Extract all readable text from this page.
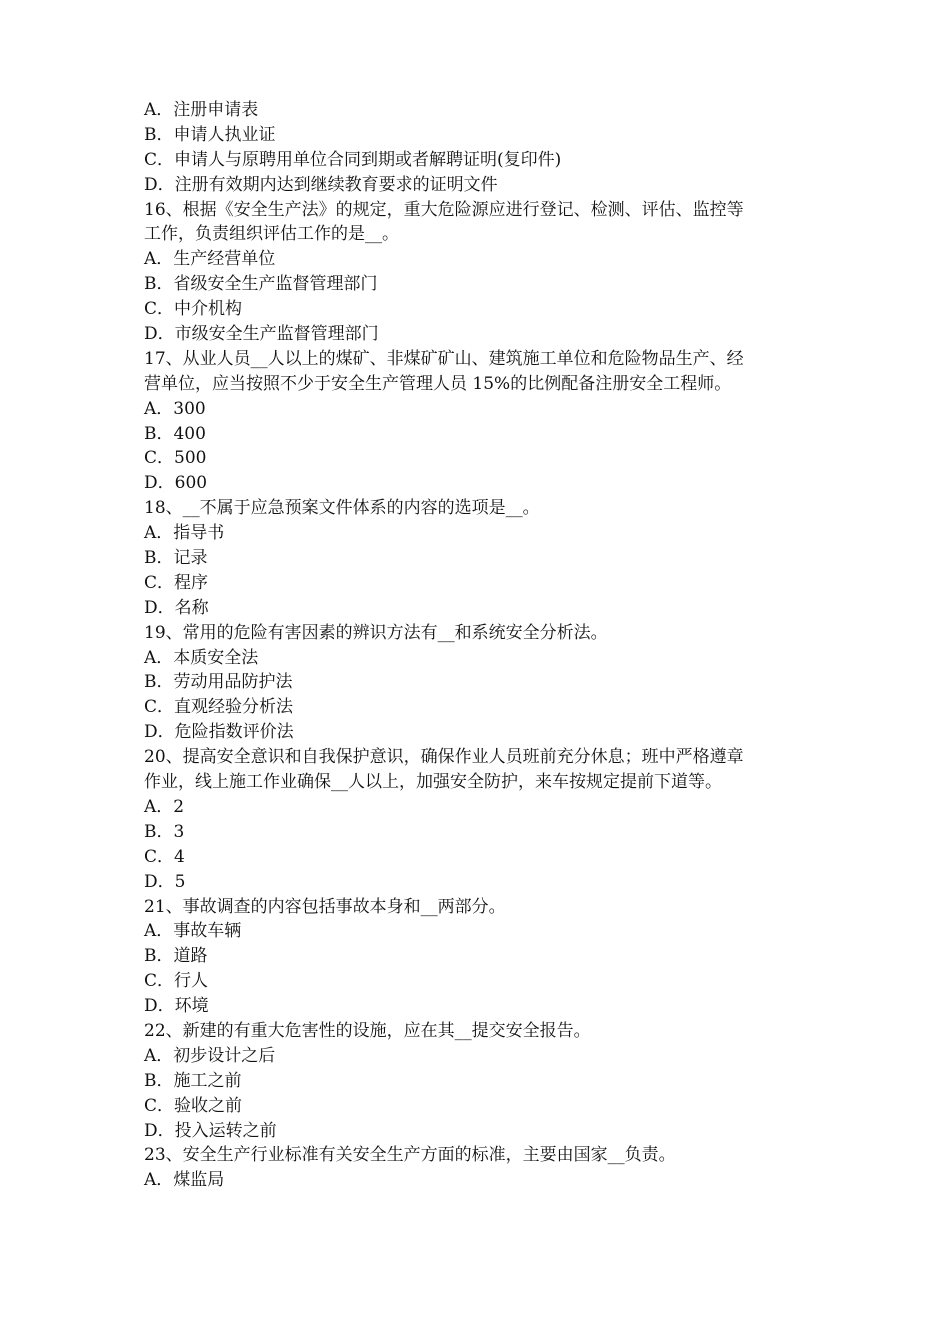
A．注册申请表
B．申请人执业证
C．申请人与原聘用单位合同到期或者解聘证明(复印件)
D．注册有效期内达到继续教育要求的证明文件
16、根据《安全生产法》的规定，重大危险源应进行登记、检测、评估、监控等
工作，负责组织评估工作的是__。
A．生产经营单位
B．省级安全生产监督管理部门
C．中介机构
D．市级安全生产监督管理部门
17、从业人员__人以上的煤矿、非煤矿矿山、建筑施工单位和危险物品生产、经
营单位，应当按照不少于安全生产管理人员 15%的比例配备注册安全工程师。
A．300
B．400
C．500
D．600
18、__不属于应急预案文件体系的内容的选项是__。
A．指导书
B．记录
C．程序
D．名称
19、常用的危险有害因素的辨识方法有__和系统安全分析法。
A．本质安全法
B．劳动用品防护法
C．直观经验分析法
D．危险指数评价法
20、提高安全意识和自我保护意识，确保作业人员班前充分休息；班中严格遵章
作业，线上施工作业确保__人以上，加强安全防护，来车按规定提前下道等。
A．2
B．3
C．4
D．5
21、事故调查的内容包括事故本身和__两部分。
A．事故车辆
B．道路
C．行人
D．环境
22、新建的有重大危害性的设施，应在其__提交安全报告。
A．初步设计之后
B．施工之前
C．验收之前
D．投入运转之前
23、安全生产行业标准有关安全生产方面的标准，主要由国家__负责。
A．煤监局
